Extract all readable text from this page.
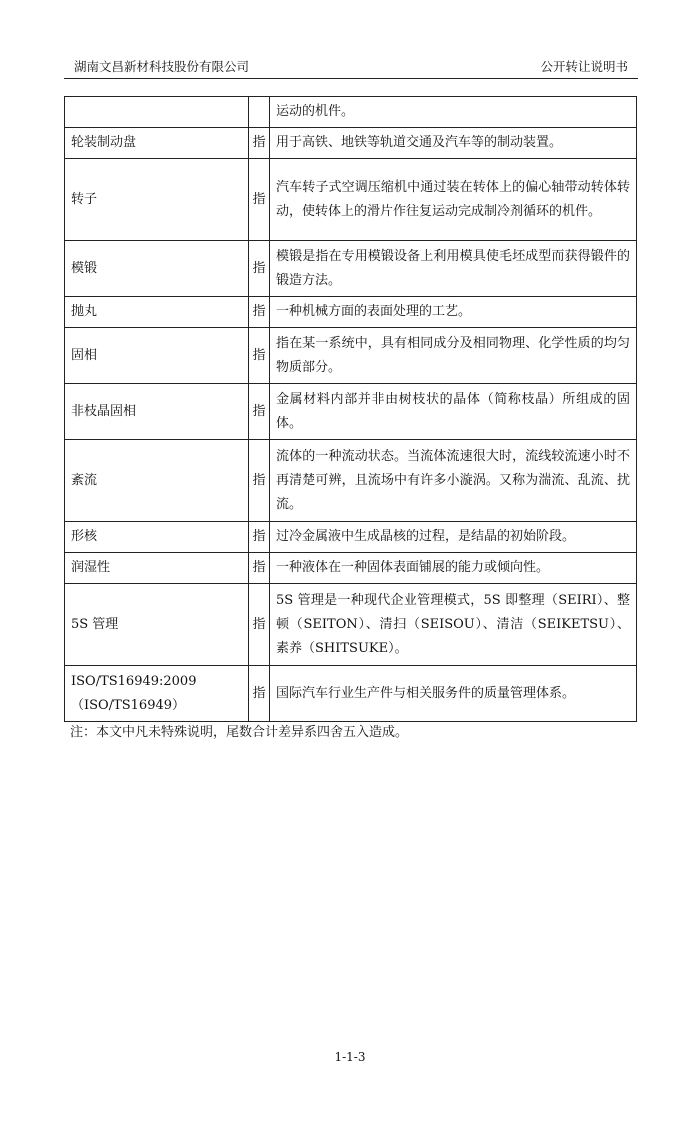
湖南文昌新材科技股份有限公司	公开转让说明书
		运动的机件。
轮装制动盘	指	用于高铁、地铁等轨道交通及汽车等的制动装置。
转子	指	汽车转子式空调压缩机中通过装在转体上的偏心轴带动转体转动，使转体上的滑片作往复运动完成制冷剂循环的机件。
模锻	指	模锻是指在专用模锻设备上利用模具使毛坯成型而获得锻件的锻造方法。
抛丸	指	一种机械方面的表面处理的工艺。
固相	指	指在某一系统中，具有相同成分及相同物理、化学性质的均匀物质部分。
非枝晶固相	指	金属材料内部并非由树枝状的晶体（简称枝晶）所组成的固体。
紊流	指	流体的一种流动状态。当流体流速很大时，流线较流速小时不再清楚可辨，且流场中有许多小漩涡。又称为湍流、乱流、扰流。
形核	指	过冷金属液中生成晶核的过程，是结晶的初始阶段。
润湿性	指	一种液体在一种固体表面铺展的能力或倾向性。
5S 管理	指	5S 管理是一种现代企业管理模式，5S 即整理（SEIRI）、整顿（SEITON）、清扫（SEISOU）、清洁（SEIKETSU）、素养（SHITSUKE）。
ISO/TS16949:2009（ISO/TS16949）	指	国际汽车行业生产件与相关服务件的质量管理体系。
注：本文中凡未特殊说明，尾数合计差异系四舍五入造成。
1-1-3
